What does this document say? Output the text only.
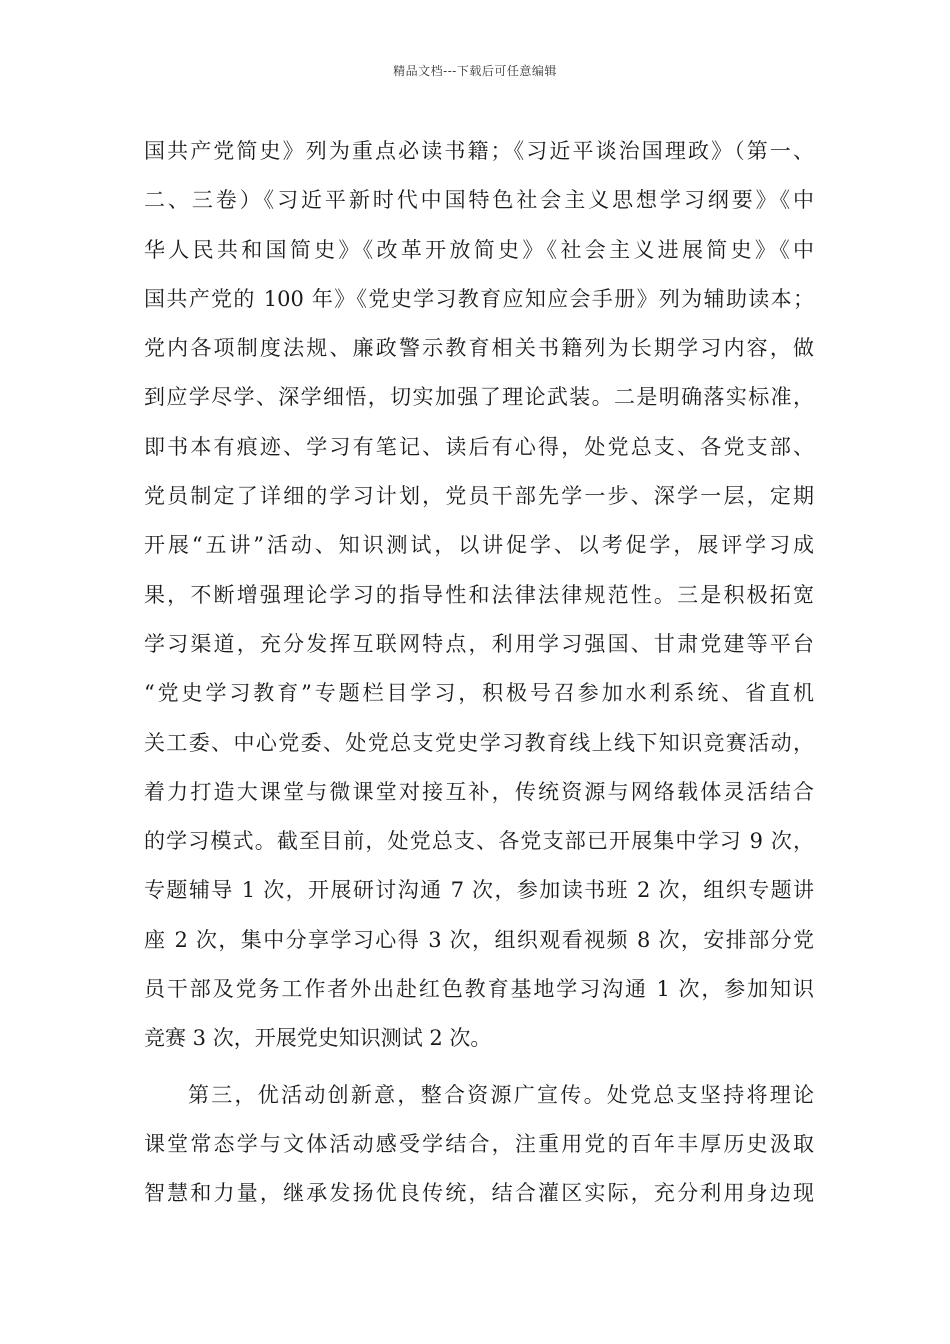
精品文档---下载后可任意编辑
国共产党简史》列为重点必读书籍；《习近平谈治国理政》（第一、
二、三卷）《习近平新时代中国特色社会主义思想学习纲要》《中
华人民共和国简史》《改革开放简史》《社会主义进展简史》《中
国共产党的 100 年》《党史学习教育应知应会手册》列为辅助读本；
党内各项制度法规、廉政警示教育相关书籍列为长期学习内容，做
到应学尽学、深学细悟，切实加强了理论武装。二是明确落实标准，
即书本有痕迹、学习有笔记、读后有心得，处党总支、各党支部、
党员制定了详细的学习计划，党员干部先学一步、深学一层，定期
开展“五讲”活动、知识测试，以讲促学、以考促学，展评学习成
果，不断增强理论学习的指导性和法律法律规范性。三是积极拓宽
学习渠道，充分发挥互联网特点，利用学习强国、甘肃党建等平台
“党史学习教育”专题栏目学习，积极号召参加水利系统、省直机
关工委、中心党委、处党总支党史学习教育线上线下知识竞赛活动，
着力打造大课堂与微课堂对接互补，传统资源与网络载体灵活结合
的学习模式。截至目前，处党总支、各党支部已开展集中学习 9 次，
专题辅导 1 次，开展研讨沟通 7 次，参加读书班 2 次，组织专题讲
座 2 次，集中分享学习心得 3 次，组织观看视频 8 次，安排部分党
员干部及党务工作者外出赴红色教育基地学习沟通 1 次，参加知识
竞赛 3 次，开展党史知识测试 2 次。
第三，优活动创新意，整合资源广宣传。处党总支坚持将理论
课堂常态学与文体活动感受学结合，注重用党的百年丰厚历史汲取
智慧和力量，继承发扬优良传统，结合灌区实际，充分利用身边现
